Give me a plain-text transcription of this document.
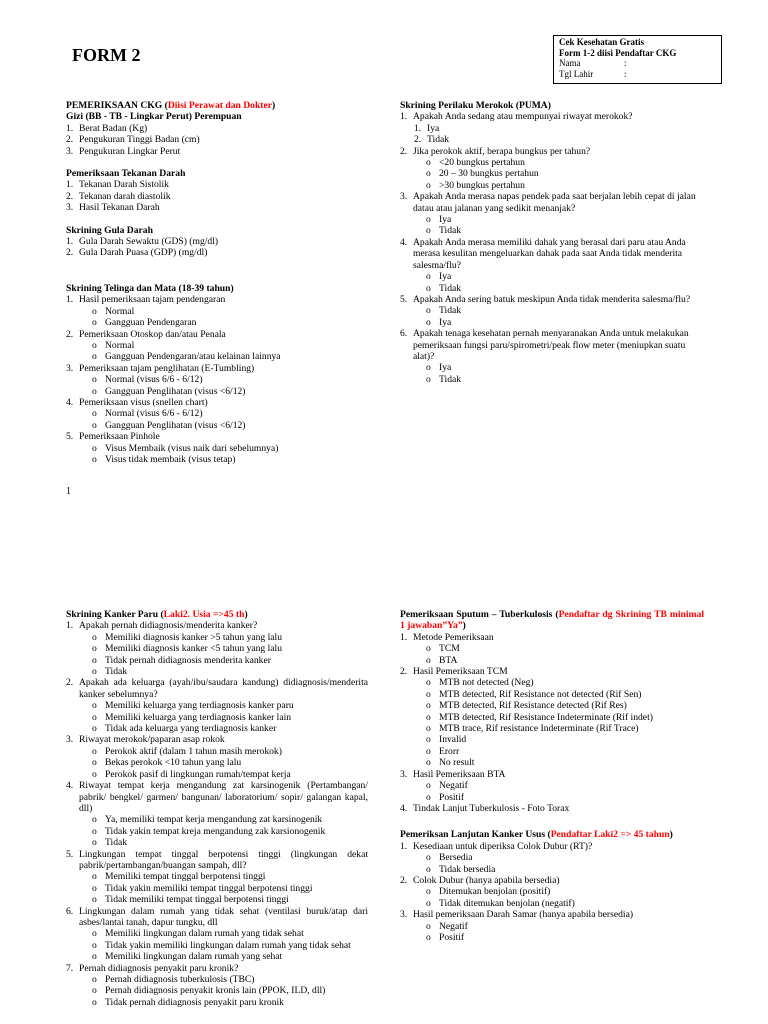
FORM 2
Cek Kesehatan Gratis
Form 1-2 diisi Pendaftar CKG
Nama	:
Tgl Lahir	:
1
PEMERIKSAAN CKG (Diisi Perawat dan Dokter)
Gizi (BB - TB - Lingkar Perut) Perempuan
1. Berat Badan (Kg)
2. Pengukuran Tinggi Badan (cm)
3. Pengukuran Lingkar Perut
Pemeriksaan Tekanan Darah
1. Tekanan Darah Sistolik
2. Tekanan darah diastolik
3. Hasil Tekanan Darah
Skrining Gula Darah
1. Gula Darah Sewaktu (GDS) (mg/dl)
2. Gula Darah Puasa (GDP) (mg/dl)
Skrining Telinga dan Mata (18-39 tahun)
1. Hasil pemeriksaan tajam pendengaran
o Normal
o Gangguan Pendengaran
2. Pemeriksaan Otoskop dan/atau Penala
o Normal
o Gangguan Pendengaran/atau kelainan lainnya
3. Pemeriksaan tajam penglihatan (E-Tumbling)
o Normal (visus 6/6 - 6/12)
o Gangguan Penglihatan (visus <6/12)
4. Pemeriksaan visus (snellen chart)
o Normal (visus 6/6 - 6/12)
o Gangguan Penglihatan (visus <6/12)
5. Pemeriksaan Pinhole
o Visus Membaik (visus naik dari sebelumnya)
o Visus tidak membaik (visus tetap)
Skrining Perilaku Merokok (PUMA)
1. Apakah Anda sedang atau mempunyai riwayat merokok?
1. Iya
2. Tidak
2. Jika perokok aktif, berapa bungkus per tahun?
o <20 bungkus pertahun
o 20 – 30 bungkus pertahun
o >30 bungkus pertahun
3. Apakah Anda merasa napas pendek pada saat berjalan lebih cepat di jalan datau atau jalanan yang sedikit menanjak?
o Iya
o Tidak
4. Apakah Anda merasa memiliki dahak yang berasal dari paru atau Anda merasa kesulitan mengeluarkan dahak pada saat Anda tidak menderita salesma/flu?
o Iya
o Tidak
5. Apakah Anda sering batuk meskipun Anda tidak menderita salesma/flu?
o Tidak
o Iya
6. Apakah tenaga kesehatan pernah menyaranakan Anda untuk melakukan pemeriksaan fungsi paru/spirometri/peak flow meter (meniupkan suatu alat)?
o Iya
o Tidak
Skrining Kanker Paru (Laki2. Usia =>45 th)
1. Apakah pernah didiagnosis/menderita kanker?
o Memiliki diagnosis kanker >5 tahun yang lalu
o Memiliki diagnosis kanker <5 tahun yang lalu
o Tidak pernah didiagnosis menderita kanker
o Tidak
2. Apakah ada keluarga (ayah/ibu/saudara kandung) didiagnosis/menderita kanker sebelumnya?
o Memiliki keluarga yang terdiagnosis kanker paru
o Memiliki keluarga yang terdiagnosis kanker lain
o Tidak ada keluarga yang terdiagnosis kanker
3. Riwayat merokok/paparan asap rokok
o Perokok aktif (dalam 1 tahun masih merokok)
o Bekas perokok <10 tahun yang lalu
o Perokok pasif di lingkungan rumah/tempat kerja
4. Riwayat tempat kerja mengandung zat karsinogenik (Pertambangan/ pabrik/ bengkel/ garmen/ bangunan/ laboratorium/ sopir/ galangan kapal, dll)
o Ya, memiliki tempat kerja mengandung zat karsinogenik
o Tidak yakin tempat kreja mengandung zak karsionogenik
o Tidak
5. Lingkungan tempat tinggal berpotensi tinggi (lingkungan dekat pabrik/pertambangan/buangan sampah, dll?
o Memiliki tempat tinggal berpotensi tinggi
o Tidak yakin memiliki tempat tinggal berpotensi tinggi
o Tidak memiliki tempat tinggal berpotensi tinggi
6. Lingkungan dalam rumah yang tidak sehat (ventilasi buruk/atap dari asbes/lantai tanah, dapur tungku, dll
o Memiliki lingkungan dalam rumah yang tidak sehat
o Tidak yakin memiliki lingkungan dalam rumah yang tidak sehat
o Memiliki lingkungan dalam rumah yang sehat
7. Pernah didiagnosis penyakit paru kronik?
o Pernah didiagnosis tuberkulosis (TBC)
o Pernah didiagnosis penyakit kronis lain (PPOK, ILD, dll)
o Tidak pernah didiagnosis penyakit paru kronik
Pemeriksaan Sputum – Tuberkulosis (Pendaftar dg Skrining TB minimal 1 jawaban”Ya”)
1. Metode Pemeriksaan
o TCM
o BTA
2. Hasil Pemeriksaan TCM
o MTB not detected (Neg)
o MTB detected, Rif Resistance not detected (Rif Sen)
o MTB detected, Rif Resistance detected (Rif Res)
o MTB detected, Rif Resistance Indeterminate (Rif indet)
o MTB trace, Rif resistance Indeterminate (Rif Trace)
o Invalid
o Erorr
o No result
3. Hasil Pemeriksaan BTA
o Negatif
o Positif
4. Tindak Lanjut Tuberkulosis - Foto Torax
Pemeriksan Lanjutan Kanker Usus (Pendaftar Laki2 => 45 tahun)
1. Kesediaan untuk diperiksa Colok Dubur (RT)?
o Bersedia
o Tidak bersedia
2. Colok Dubur (hanya apabila bersedia)
o Ditemukan benjolan (positif)
o Tidak ditemukan benjolan (negatif)
3. Hasil pemeriksaan Darah Samar (hanya apabila bersedia)
o Negatif
o Positif
